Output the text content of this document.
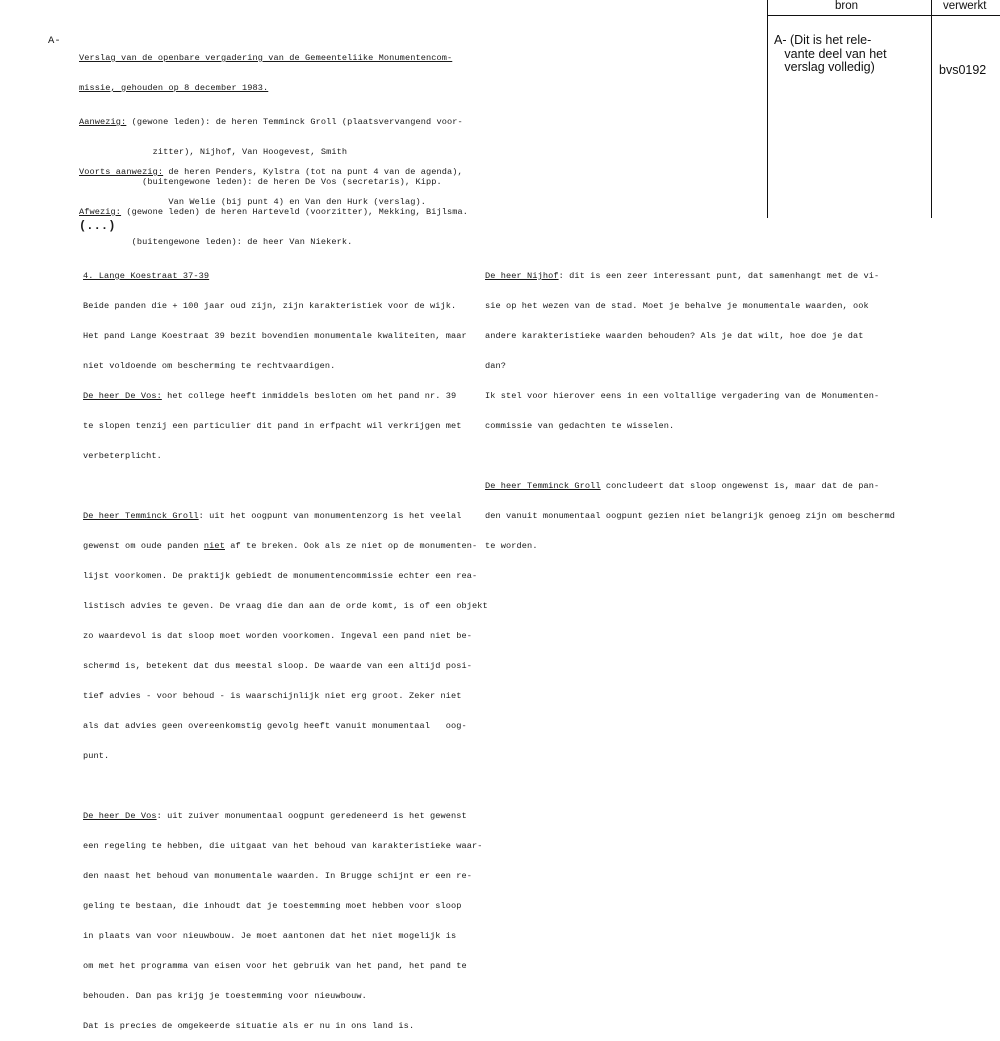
bron	verwerkt
A- (Dit is het rele-
vante deel van het
verslag volledig)	bvs0192
A-

Verslag van de openbare vergadering van de Gemeenteliike Monumentencom-

missie, gehouden op 8 december 1983.

Aanwezig: (gewone leden): de heren Temminck Groll (plaatsvervangend voor-

zitter), Nijhof, Van Hoogevest, Smith

(buitengewone leden): de heren De Vos (secretaris), Kipp.

Voorts aanwezig: de heren Penders, Kylstra (tot na punt 4 van de agenda),

Van Welie (bij punt 4) en Van den Hurk (verslag).

Afwezig: (gewone leden) de heren Harteveld (voorzitter), Mekking, Bijlsma.

(buitengewone leden): de heer Van Niekerk.

(...)

4. Lange Koestraat 37-39

Beide panden die + 100 jaar oud zijn, zijn karakteristiek voor de wijk.

Het pand Lange Koestraat 39 bezit bovendien monumentale kwaliteiten, maar

niet voldoende om bescherming te rechtvaardigen.

De heer De Vos: het college heeft inmiddels besloten om het pand nr. 39

te slopen tenzij een particulier dit pand in erfpacht wil verkrijgen met

verbeterplicht.

De heer Temminck Groll: uit het oogpunt van monumentenzorg is het veelal

gewenst om oude panden niet af te breken. Ook als ze niet op de monumenten-

lijst voorkomen. De praktijk gebiedt de monumentencommissie echter een rea-

listisch advies te geven. De vraag die dan aan de orde komt, is of een objekt

zo waardevol is dat sloop moet worden voorkomen. Ingeval een pand niet be-

schermd is, betekent dat dus meestal sloop. De waarde van een altijd posi-

tief advies - voor behoud - is waarschijnlijk niet erg groot. Zeker niet

als dat advies geen overeenkomstig gevolg heeft vanuit monumentaal   oog-

punt.

De heer De Vos: uit zuiver monumentaal oogpunt geredeneerd is het gewenst

een regeling te hebben, die uitgaat van het behoud van karakteristieke waar-

den naast het behoud van monumentale waarden. In Brugge schijnt er een re-

geling te bestaan, die inhoudt dat je toestemming moet hebben voor sloop

in plaats van voor nieuwbouw. Je moet aantonen dat het niet mogelijk is

om met het programma van eisen voor het gebruik van het pand, het pand te

behouden. Dan pas krijg je toestemming voor nieuwbouw.

Dat is precies de omgekeerde situatie als er nu in ons land is.

De heer Nijhof: dit is een zeer interessant punt, dat samenhangt met de vi-

sie op het wezen van de stad. Moet je behalve je monumentale waarden, ook

andere karakteristieke waarden behouden? Als je dat wilt, hoe doe je dat

dan?

Ik stel voor hierover eens in een voltallige vergadering van de Monumenten-

commissie van gedachten te wisselen.

De heer Temminck Groll concludeert dat sloop ongewenst is, maar dat de pan-

den vanuit monumentaal oogpunt gezien niet belangrijk genoeg zijn om beschermd

te worden.
